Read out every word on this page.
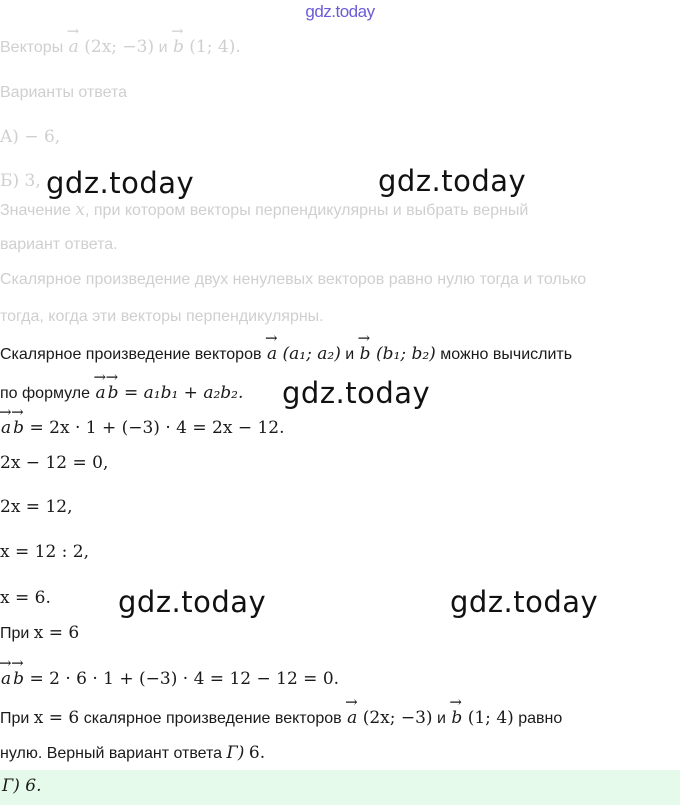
gdz.today
Векторы → a (2x; −3) и → b (1; 4).
Варианты ответа
A) − 6,
Б) 3,
Значение x, при котором векторы перпендикулярны и выбрать верный
вариант ответа.
Скалярное произведение двух ненулевых векторов равно нулю тогда и только
тогда, когда эти векторы перпендикулярны.
Скалярное произведение векторов → a (a₁; a₂) и → b (b₁; b₂) можно вычислить
по формуле → a → b = a₁b₁ + a₂b₂.
→ a → b = 2x · 1 + (−3) · 4 = 2x − 12.
2x − 12 = 0,
2x = 12,
x = 12 : 2,
x = 6.
При x = 6
→ a → b = 2 · 6 · 1 + (−3) · 4 = 12 − 12 = 0.
При x = 6 скалярное произведение векторов → a (2x; −3) и → b (1; 4) равно
нулю. Верный вариант ответа Г) 6.
Г) 6.
gdz.today	gdz.today
gdz.today
gdz.today	gdz.today
